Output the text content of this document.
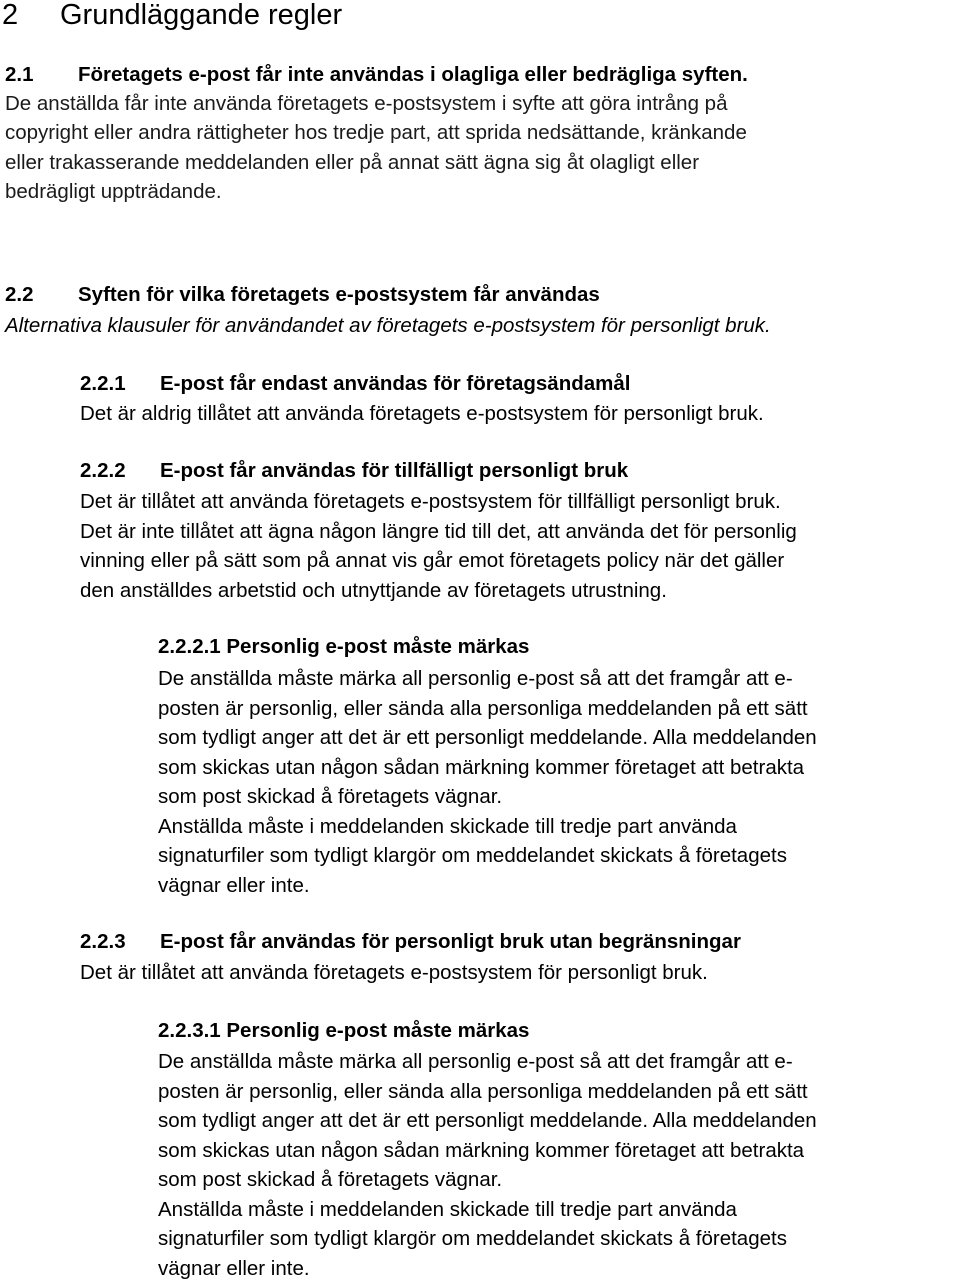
2 Grundläggande regler
2.1 Företagets e-post får inte användas i olagliga eller bedrägliga syften.
De anställda får inte använda företagets e-postsystem i syfte att göra intrång på
copyright eller andra rättigheter hos tredje part, att sprida nedsättande, kränkande
eller trakasserande meddelanden eller på annat sätt ägna sig åt olagligt eller
bedrägligt uppträdande.
2.2 Syften för vilka företagets e-postsystem får användas
Alternativa klausuler för användandet av företagets e-postsystem för personligt bruk.
2.2.1 E-post får endast användas för företagsändamål
Det är aldrig tillåtet att använda företagets e-postsystem för personligt bruk.
2.2.2 E-post får användas för tillfälligt personligt bruk
Det är tillåtet att använda företagets e-postsystem för tillfälligt personligt bruk.
Det är inte tillåtet att ägna någon längre tid till det, att använda det för personlig
vinning eller på sätt som på annat vis går emot företagets policy när det gäller
den anställdes arbetstid och utnyttjande av företagets utrustning.
2.2.2.1 Personlig e-post måste märkas
De anställda måste märka all personlig e-post så att det framgår att e-
posten är personlig, eller sända alla personliga meddelanden på ett sätt
som tydligt anger att det är ett personligt meddelande. Alla meddelanden
som skickas utan någon sådan märkning kommer företaget att betrakta
som post skickad å företagets vägnar.
Anställda måste i meddelanden skickade till tredje part använda
signaturfiler som tydligt klargör om meddelandet skickats å företagets
vägnar eller inte.
2.2.3 E-post får användas för personligt bruk utan begränsningar
Det är tillåtet att använda företagets e-postsystem för personligt bruk.
2.2.3.1 Personlig e-post måste märkas
De anställda måste märka all personlig e-post så att det framgår att e-
posten är personlig, eller sända alla personliga meddelanden på ett sätt
som tydligt anger att det är ett personligt meddelande. Alla meddelanden
som skickas utan någon sådan märkning kommer företaget att betrakta
som post skickad å företagets vägnar.
Anställda måste i meddelanden skickade till tredje part använda
signaturfiler som tydligt klargör om meddelandet skickats å företagets
vägnar eller inte.
